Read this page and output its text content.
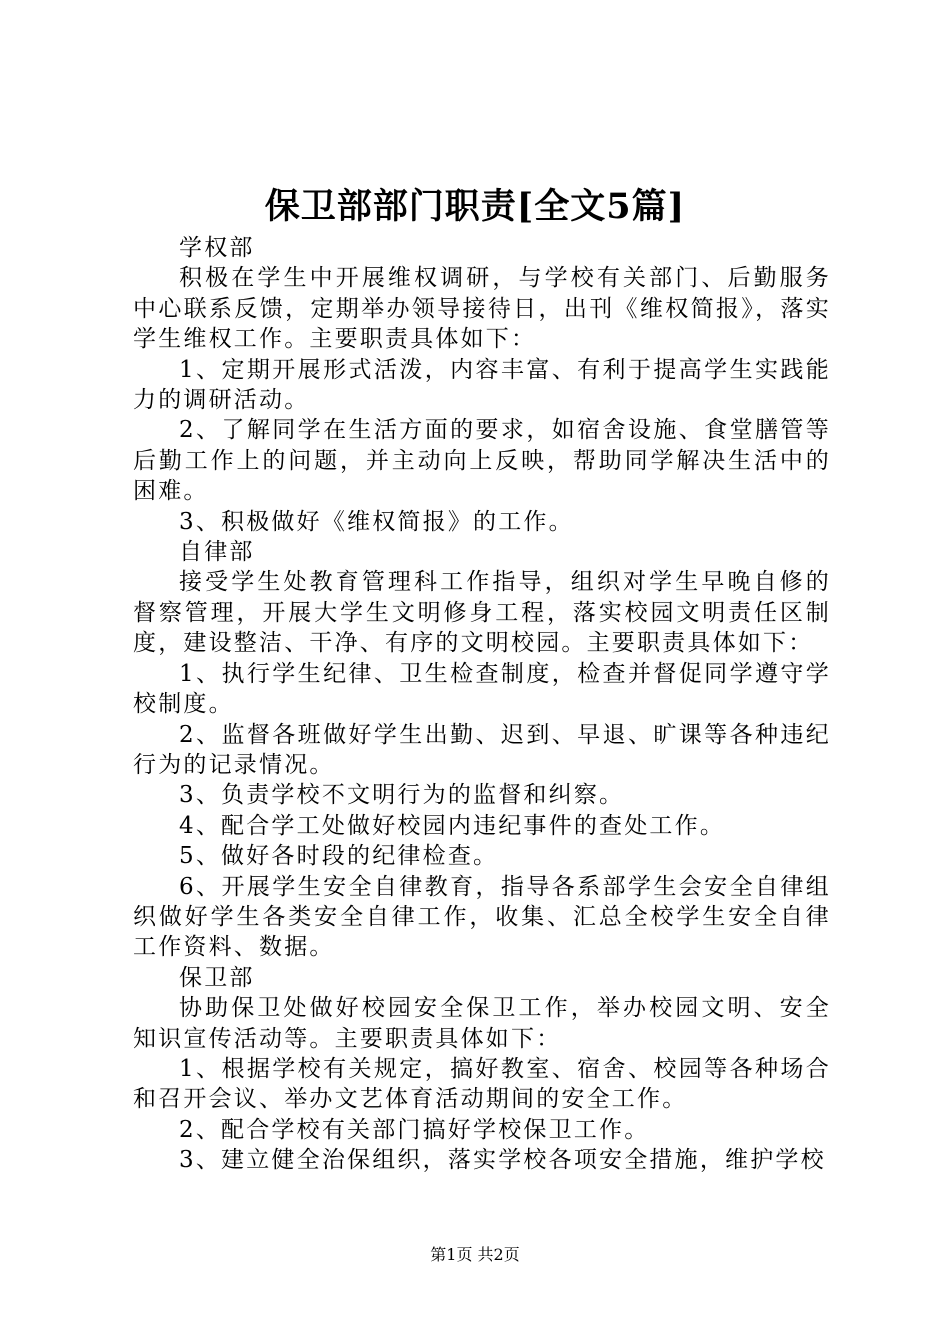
保卫部部门职责[全文5篇]

学权部

积极在学生中开展维权调研，与学校有关部门、后勤服务中心联系反馈，定期举办领导接待日，出刊《维权简报》，落实学生维权工作。主要职责具体如下：

1、定期开展形式活泼，内容丰富、有利于提高学生实践能力的调研活动。

2、了解同学在生活方面的要求，如宿舍设施、食堂膳管等后勤工作上的问题，并主动向上反映，帮助同学解决生活中的困难。

3、积极做好《维权简报》的工作。

自律部

接受学生处教育管理科工作指导，组织对学生早晚自修的督察管理，开展大学生文明修身工程，落实校园文明责任区制度，建设整洁、干净、有序的文明校园。主要职责具体如下：

1、执行学生纪律、卫生检查制度，检查并督促同学遵守学校制度。

2、监督各班做好学生出勤、迟到、早退、旷课等各种违纪行为的记录情况。

3、负责学校不文明行为的监督和纠察。

4、配合学工处做好校园内违纪事件的查处工作。

5、做好各时段的纪律检查。

6、开展学生安全自律教育，指导各系部学生会安全自律组织做好学生各类安全自律工作，收集、汇总全校学生安全自律工作资料、数据。

保卫部

协助保卫处做好校园安全保卫工作，举办校园文明、安全知识宣传活动等。主要职责具体如下：

1、根据学校有关规定，搞好教室、宿舍、校园等各种场合和召开会议、举办文艺体育活动期间的安全工作。

2、配合学校有关部门搞好学校保卫工作。

3、建立健全治保组织，落实学校各项安全措施，维护学校

第1页 共2页
